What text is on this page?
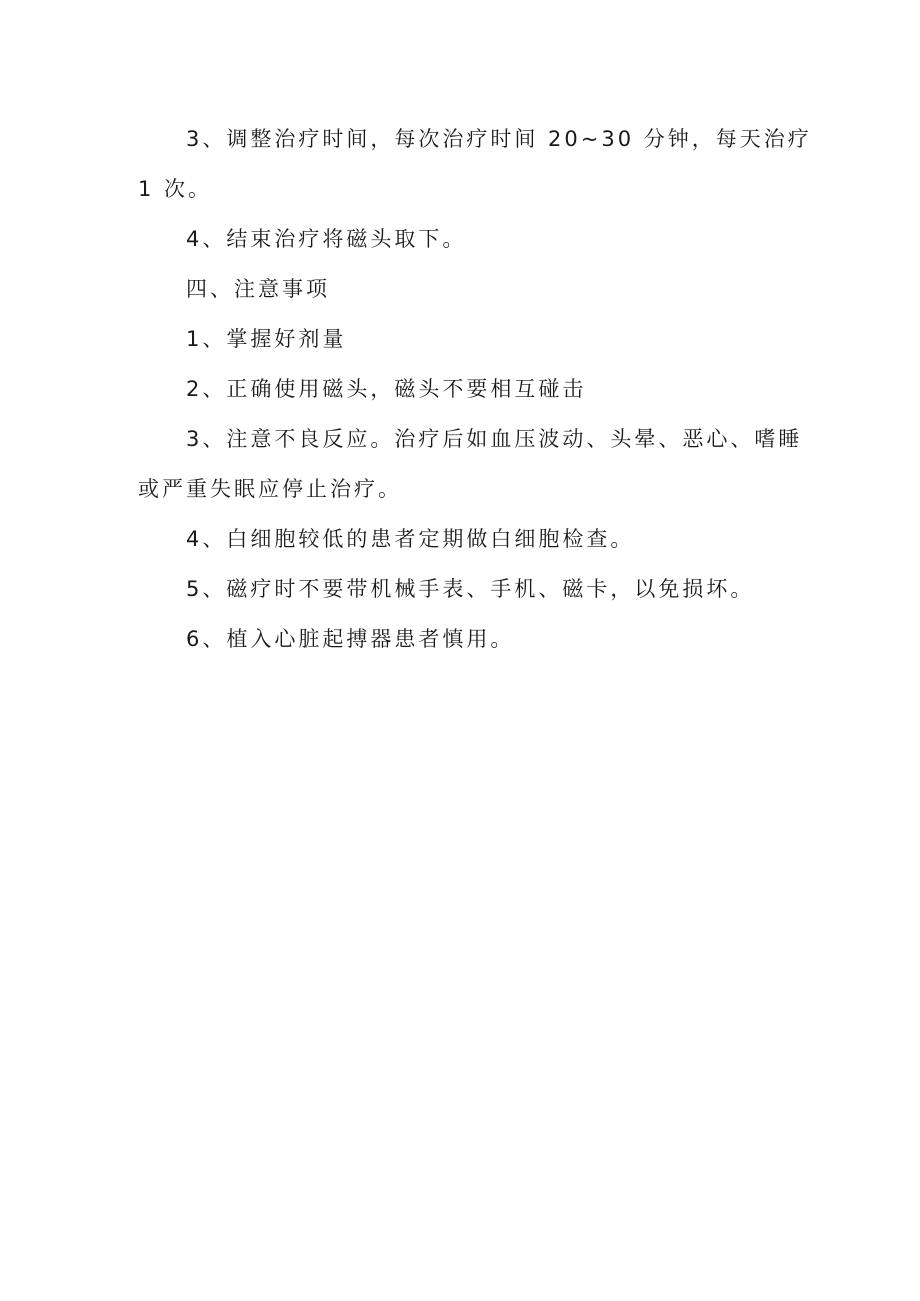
3、调整治疗时间，每次治疗时间 20~30 分钟，每天治疗

1 次。

4、结束治疗将磁头取下。

四、注意事项

1、掌握好剂量

2、正确使用磁头，磁头不要相互碰击

3、注意不良反应。治疗后如血压波动、头晕、恶心、嗜睡

或严重失眠应停止治疗。

4、白细胞较低的患者定期做白细胞检查。

5、磁疗时不要带机械手表、手机、磁卡，以免损坏。

6、植入心脏起搏器患者慎用。
